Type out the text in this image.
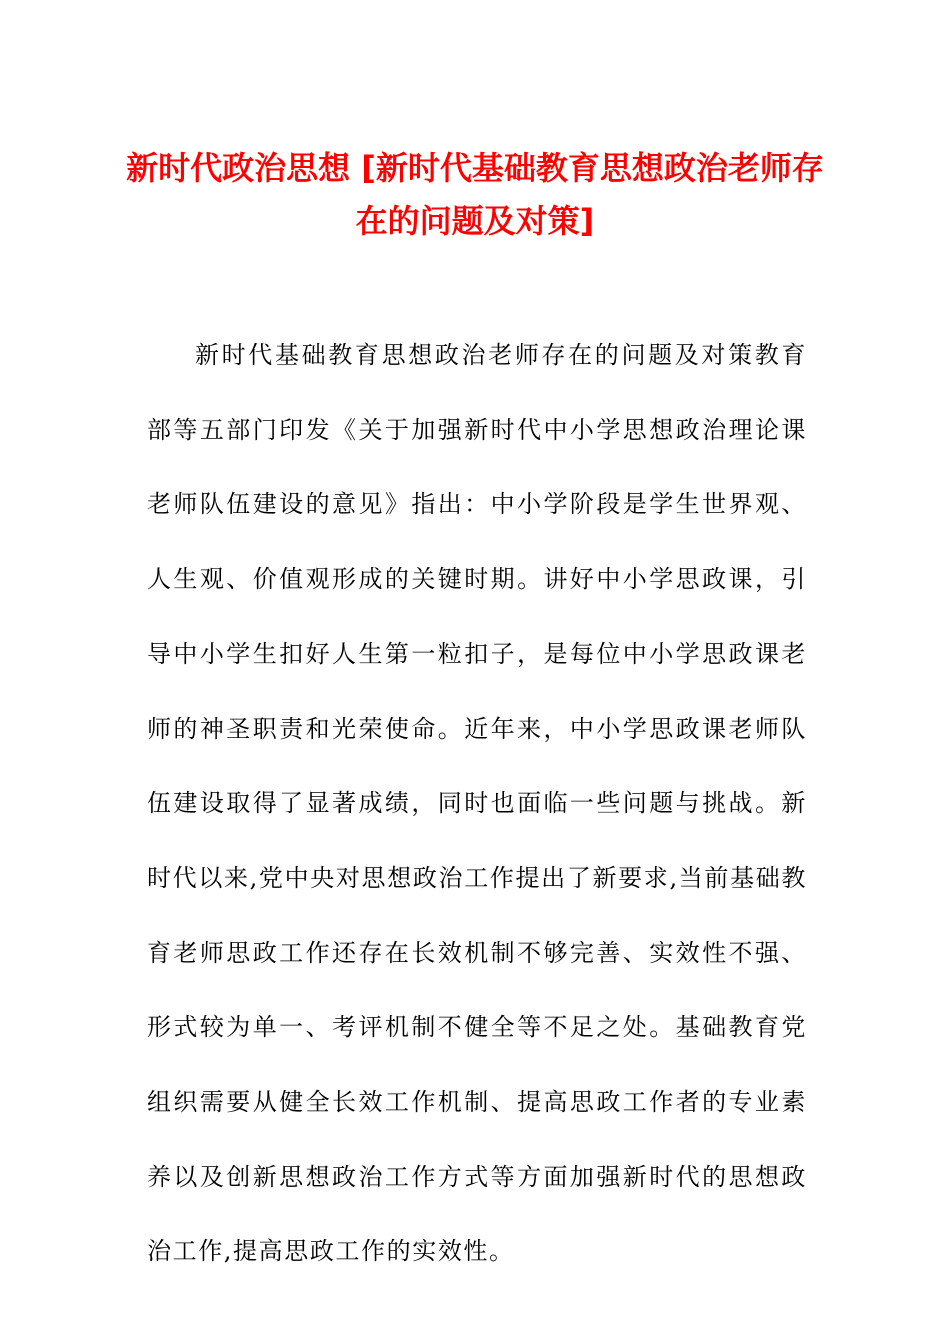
新时代政治思想 [新时代基础教育思想政治老师存在的问题及对策]

新时代基础教育思想政治老师存在的问题及对策教育部等五部门印发《关于加强新时代中小学思想政治理论课老师队伍建设的意见》指出：中小学阶段是学生世界观、人生观、价值观形成的关键时期。讲好中小学思政课，引导中小学生扣好人生第一粒扣子，是每位中小学思政课老师的神圣职责和光荣使命。近年来，中小学思政课老师队伍建设取得了显著成绩，同时也面临一些问题与挑战。新时代以来,党中央对思想政治工作提出了新要求,当前基础教育老师思政工作还存在长效机制不够完善、实效性不强、形式较为单一、考评机制不健全等不足之处。基础教育党组织需要从健全长效工作机制、提高思政工作者的专业素养以及创新思想政治工作方式等方面加强新时代的思想政治工作,提高思政工作的实效性。
